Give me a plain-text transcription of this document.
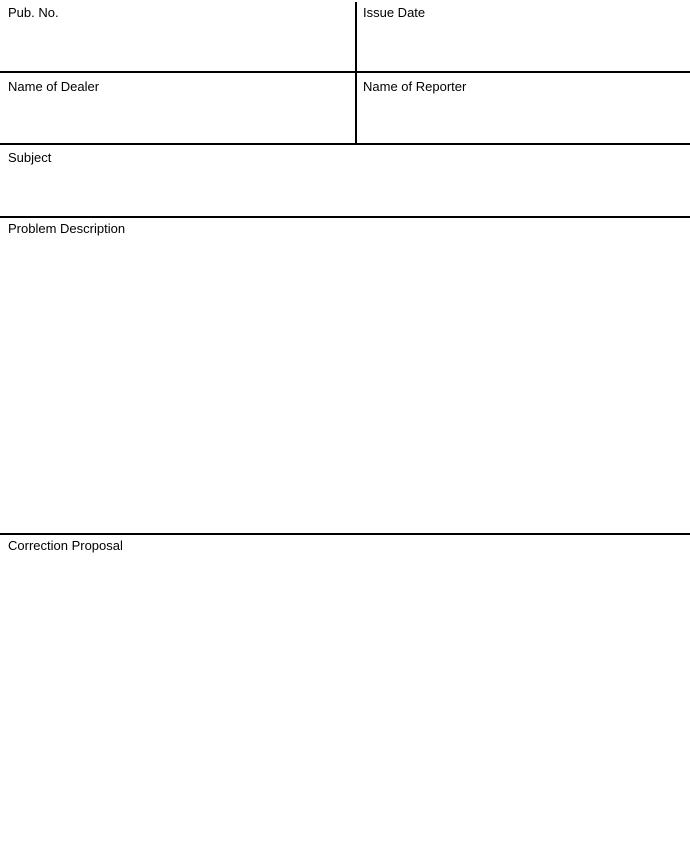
Pub. No.	Issue Date
Name of Dealer	Name of Reporter
Subject
Problem Description
Correction Proposal
